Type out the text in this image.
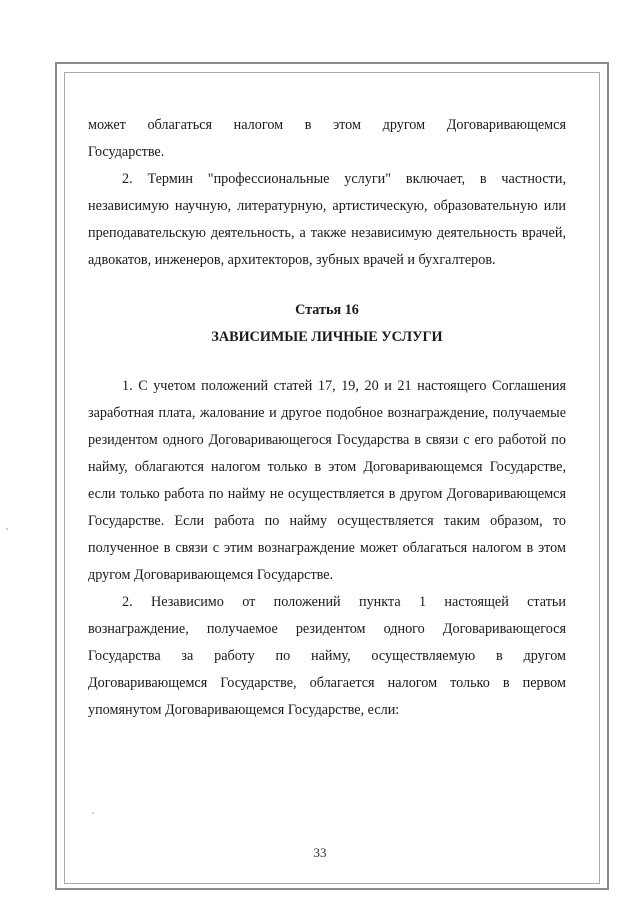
может облагаться налогом в этом другом Договаривающемся

Государстве.

2. Термин "профессиональные услуги" включает, в частности, независимую научную, литературную, артистическую, образовательную или преподавательскую деятельность, а также независимую деятельность врачей, адвокатов, инженеров, архитекторов, зубных врачей и бухгалтеров.

Статья 16

ЗАВИСИМЫЕ ЛИЧНЫЕ УСЛУГИ

1. С учетом положений статей 17, 19, 20 и 21 настоящего Соглашения заработная плата, жалование и другое подобное вознаграждение, получаемые резидентом одного Договаривающегося Государства в связи с его работой по найму, облагаются налогом только в этом Договаривающемся Государстве, если только работа по найму не осуществляется в другом Договаривающемся Государстве. Если работа по найму осуществляется таким образом, то полученное в связи с этим вознаграждение может облагаться налогом в этом другом Договаривающемся Государстве.

2. Независимо от положений пункта 1 настоящей статьи вознаграждение, получаемое резидентом одного Договаривающегося Государства за работу по найму, осуществляемую в другом Договаривающемся Государстве, облагается налогом только в первом упомянутом Договаривающемся Государстве, если:

33
